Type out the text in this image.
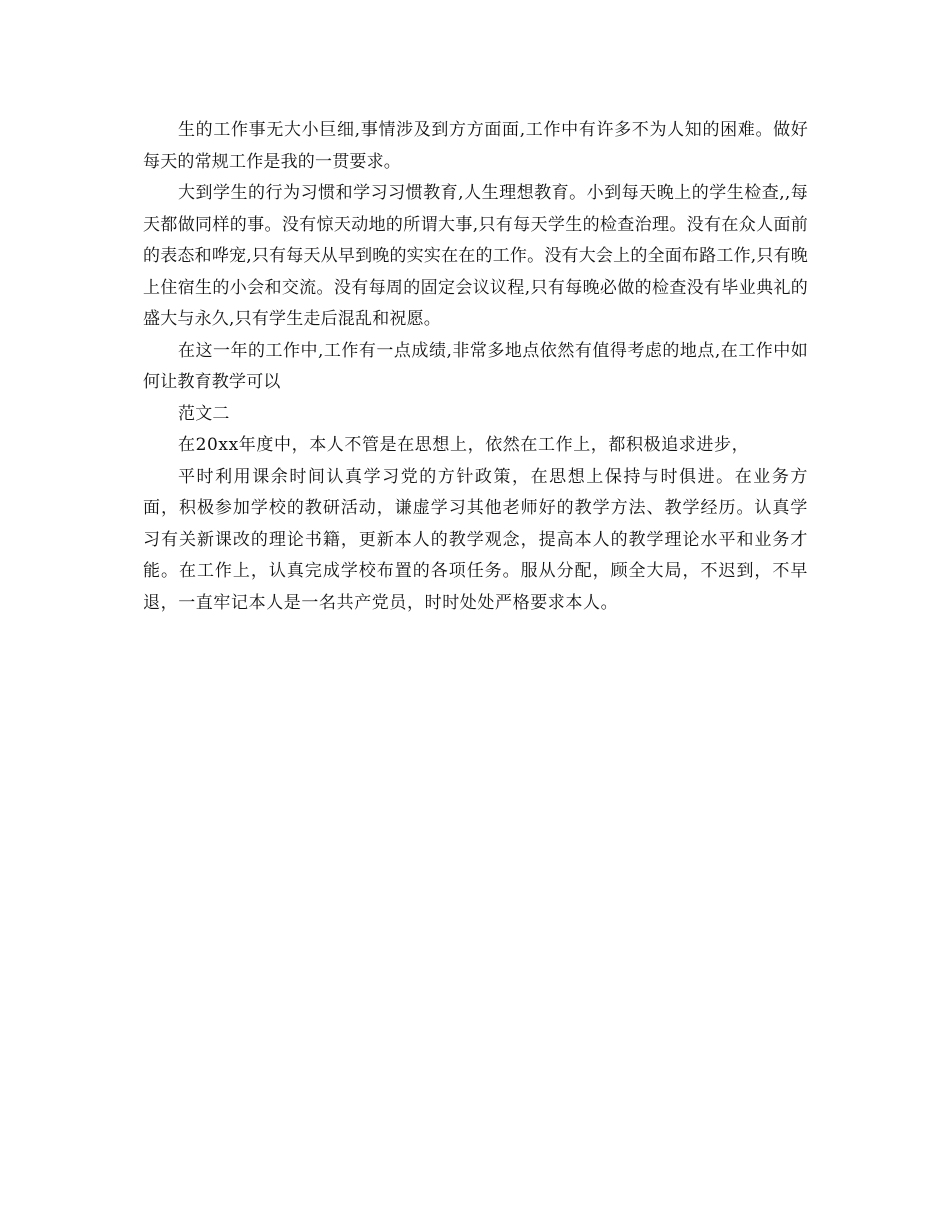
生的工作事无大小巨细,事情涉及到方方面面,工作中有许多不为人知的困难。做好每天的常规工作是我的一贯要求。

大到学生的行为习惯和学习习惯教育,人生理想教育。小到每天晚上的学生检查,,每天都做同样的事。没有惊天动地的所谓大事,只有每天学生的检查治理。没有在众人面前的表态和哗宠,只有每天从早到晚的实实在在的工作。没有大会上的全面布路工作,只有晚上住宿生的小会和交流。没有每周的固定会议议程,只有每晚必做的检查没有毕业典礼的盛大与永久,只有学生走后混乱和祝愿。

在这一年的工作中,工作有一点成绩,非常多地点依然有值得考虑的地点,在工作中如何让教育教学可以

范文二

在20xx年度中，本人不管是在思想上，依然在工作上，都积极追求进步，

平时利用课余时间认真学习党的方针政策，在思想上保持与时俱进。在业务方面，积极参加学校的教研活动，谦虚学习其他老师好的教学方法、教学经历。认真学习有关新课改的理论书籍，更新本人的教学观念，提高本人的教学理论水平和业务才能。在工作上，认真完成学校布置的各项任务。服从分配，顾全大局，不迟到，不早退，一直牢记本人是一名共产党员，时时处处严格要求本人。
